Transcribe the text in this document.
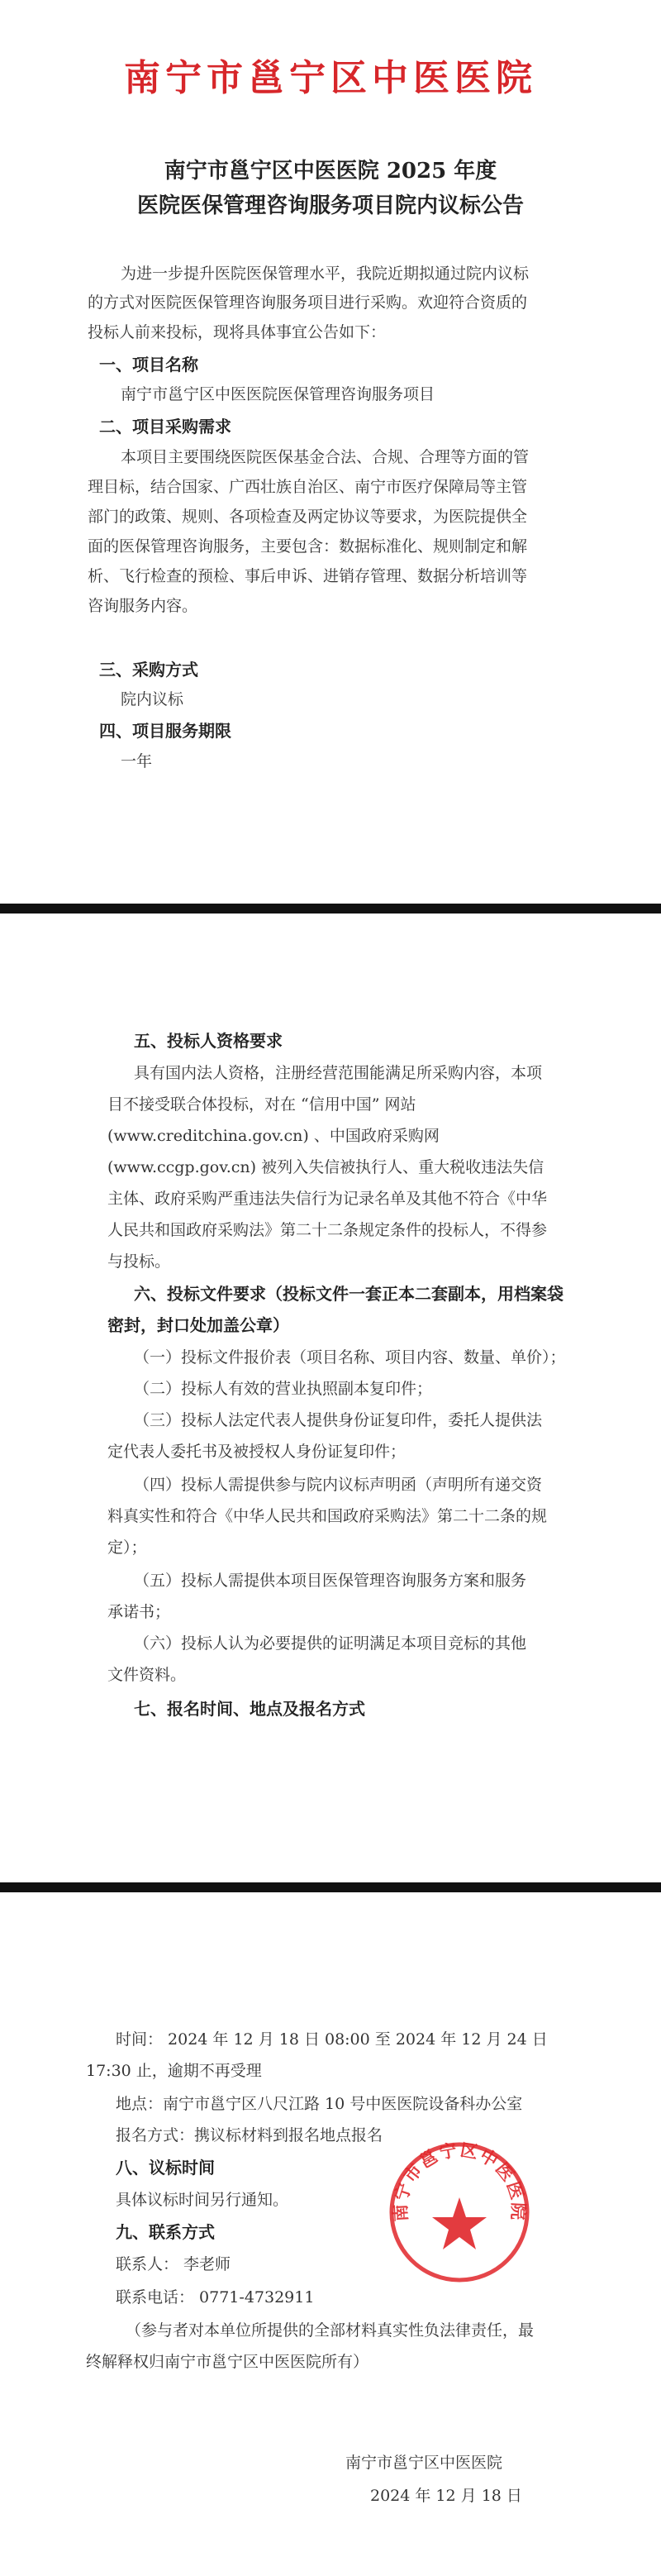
南宁市邕宁区中医医院
南宁市邕宁区中医医院 2025 年度
医院医保管理咨询服务项目院内议标公告
为进一步提升医院医保管理水平，我院近期拟通过院内议标
的方式对医院医保管理咨询服务项目进行采购。欢迎符合资质的
投标人前来投标，现将具体事宜公告如下：
一、项目名称
南宁市邕宁区中医医院医保管理咨询服务项目
二、项目采购需求
本项目主要围绕医院医保基金合法、合规、合理等方面的管
理目标，结合国家、广西壮族自治区、南宁市医疗保障局等主管
部门的政策、规则、各项检查及两定协议等要求，为医院提供全
面的医保管理咨询服务，主要包含：数据标准化、规则制定和解
析、飞行检查的预检、事后申诉、进销存管理、数据分析培训等
咨询服务内容。
三、采购方式
院内议标
四、项目服务期限
一年
五、投标人资格要求
具有国内法人资格，注册经营范围能满足所采购内容，本项
目不接受联合体投标，对在 “信用中国” 网站
(www.creditchina.gov.cn) 、中国政府采购网
(www.ccgp.gov.cn) 被列入失信被执行人、重大税收违法失信
主体、政府采购严重违法失信行为记录名单及其他不符合《中华
人民共和国政府采购法》第二十二条规定条件的投标人，不得参
与投标。
六、投标文件要求（投标文件一套正本二套副本，用档案袋
密封，封口处加盖公章）
（一）投标文件报价表（项目名称、项目内容、数量、单价）；
（二）投标人有效的营业执照副本复印件；
（三）投标人法定代表人提供身份证复印件，委托人提供法
定代表人委托书及被授权人身份证复印件；
（四）投标人需提供参与院内议标声明函（声明所有递交资
料真实性和符合《中华人民共和国政府采购法》第二十二条的规
定）；
（五）投标人需提供本项目医保管理咨询服务方案和服务
承诺书；
（六）投标人认为必要提供的证明满足本项目竞标的其他
文件资料。
七、报名时间、地点及报名方式
时间： 2024 年 12 月 18 日 08:00 至 2024 年 12 月 24 日
17:30 止，逾期不再受理
地点：南宁市邕宁区八尺江路 10 号中医医院设备科办公室
报名方式：携议标材料到报名地点报名
八、议标时间
具体议标时间另行通知。
九、联系方式
联系人： 李老师
联系电话： 0771-4732911
（参与者对本单位所提供的全部材料真实性负法律责任，最
终解释权归南宁市邕宁区中医医院所有）
南宁市邕宁区中医医院
2024 年 12 月 18 日
南宁市邕宁区中医医院
